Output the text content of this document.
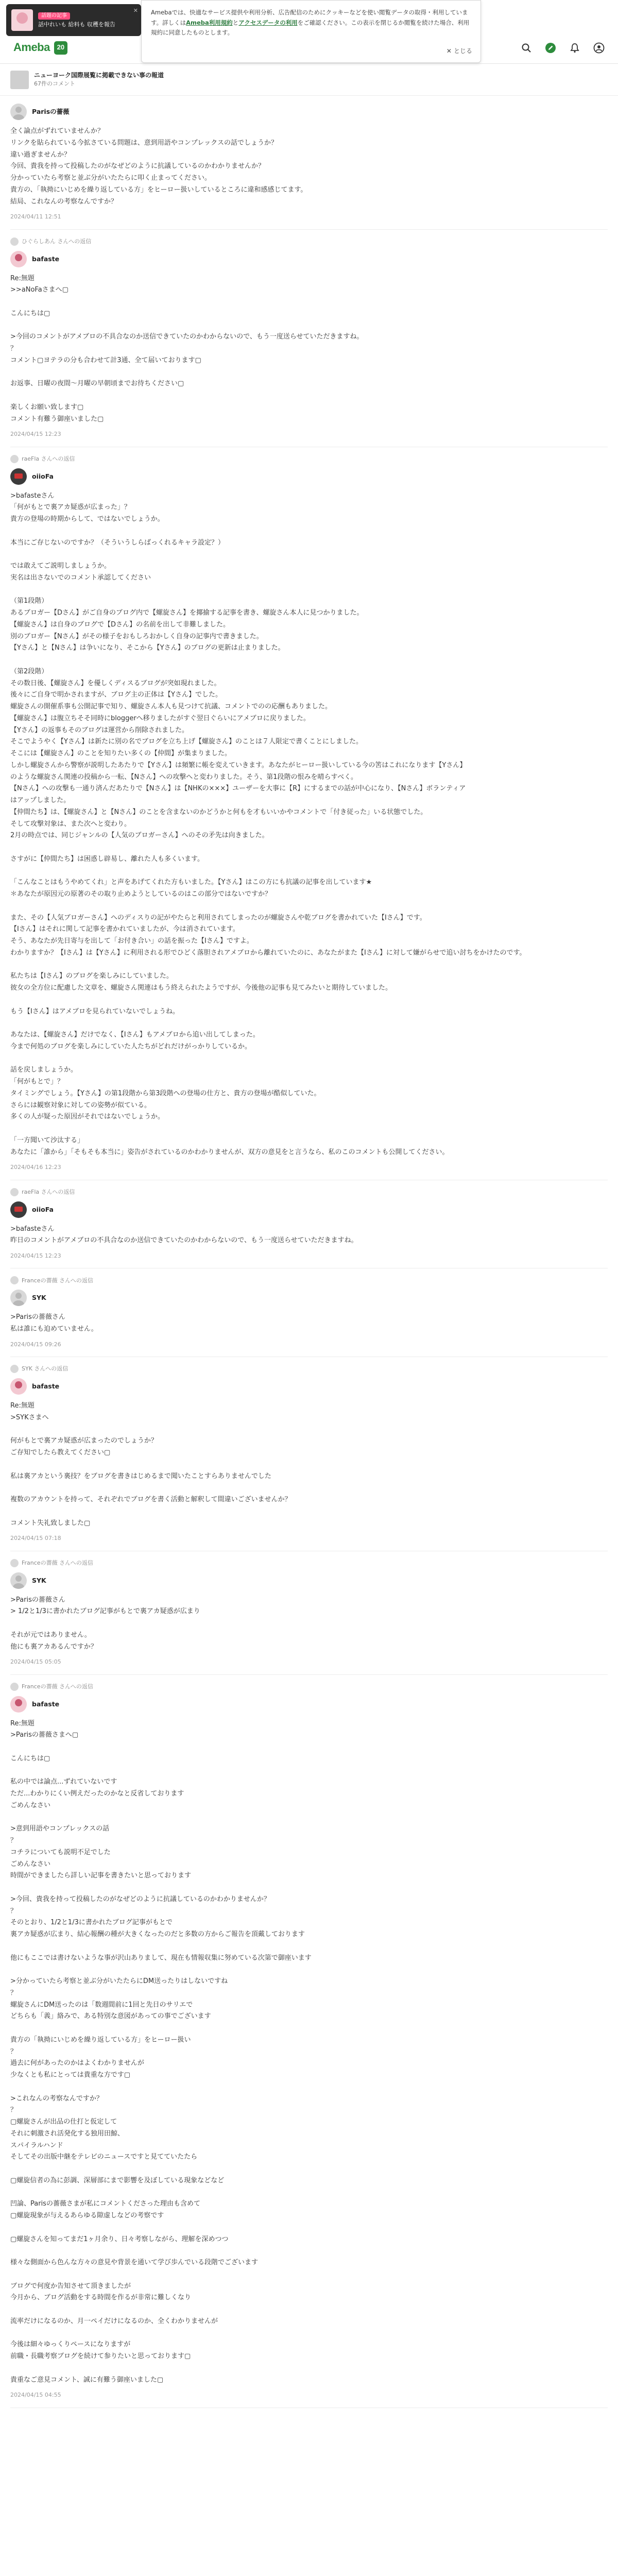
話題の記事
話中れいも 給料も 収穫を報告
✕	Amebaでは、快適なサービス提供や利用分析、広告配信のためにクッキーなどを使い閲覧データの取得・利用しています。詳しくはAmeba利用規約とアクセスデータの利用をご確認ください。この表示を閉じるか閲覧を続けた場合、利用規約に同意したものとします。
✕ とじる
Ameba	20
ニューヨーク国際展覧に掲載できない事の報道
67件のコメント
Parisの薔薇
全く論点がずれていませんか？
リンクを貼られている今拡さている問題は、意到用語やコンプレックスの話でしょうか？
違い過ぎませんか？
今回、貴我を持って投稿したのがなぜどのように抗議しているのかわかりませんか？
分かっていたら考察と並ぶ分がいたたらに叩く止まってください。
貴方の、「執拗にいじめを繰り返している方」をヒーロー扱いしているところに違和感感じてます。
結局、これなんの考察なんですか？
2024/04/11 12:51
ひぐらしあん さんへの返信
bafaste
Re:無題
>>aNoFaさまへ▢

こんにちは▢

>今回のコメントがアメブロの不具合なのか送信できていたのかわからないので、もう一度送らせていただきますね。
？
コメント▢ヨテラの分も合わせて計3通、全て届いております▢

お返事、日曜の夜間〜月曜の早朝頃までお待ちください▢

楽しくお願い致します▢
コメント有難う御座いました▢
2024/04/15 12:23
raeFla さんへの返信
oiioFa
>bafasteさん
「何がもとで裏アカ疑惑が広まった」？
貴方の登場の時期からして、ではないでしょうか。

本当にご存じないのですか？（そういうしらばっくれるキャラ設定？）

では敢えてご説明しましょうか。
実名は出さないでのコメント承認してください

（第1段階）
あるブロガー【Dさん】がご自身のブログ内で【螺旋さん】を揶揄する記事を書き、螺旋さん本人に見つかりました。
【螺旋さん】は自身のブログで【Dさん】の名前を出して非難しました。
別のブロガー【Nさん】がその様子をおもしろおかしく自身の記事内で書きました。
【Yさん】と【Nさん】は争いになり、そこから【Yさん】のブログの更新は止まりました。

（第2段階）
その数日後、【螺旋さん】を優しくディスるブログが突如現れました。
後々にご自身で明かされますが、ブログ主の正体は【Yさん】でした。
螺旋さんの開催系事も公開記事で知り、螺旋さん本人も見つけて抗議、コメントでのの応酬もありました。
【螺旋さん】は腹立ちそそ同時にbloggerへ移りましたがすぐ翌日ぐらいにアメブロに戻りました。
【Yさん】の返事もそのブログは運営から削除されました。
そこでようやく【Yさん】は新たに別の名でブログを立ち上げ【螺旋さん】のことは７人限定で書くことにしました。
そこには【螺旋さん】のことを知りたい多くの【仲間】が集まりました。
しかし螺旋さんから警察が説明したあたりで【Yさん】は頻繁に帳を変えていきます。あなたがヒーロー扱いしている今の筈はこれになります【Yさん】
のような螺旋さん関連の投稿から一転、【Nさん】への攻撃へと変わりました。そう、第1段階の恨みを晴らすべく。
【Nさん】への攻撃も一通り済んだあたりで【Nさん】は【NHKの×××】ユーザーを大事に【R】にするまでの話が中心になり、【Nさん】ボランティア
はアップしました。
【仲間たち】は、【螺旋さん】と【Nさん】のことを含まないのかどうかと何もを才もいいかやコメントで「付き従った」いる状態でした。
そして攻撃対象は、また次へと変わり。
2月の時点では、同じジャンルの【人気のブロガーさん】へのその矛先は向きました。

さすがに【仲間たち】は困惑し辟易し、離れた人も多くいます。

「こんなことはもうやめてくれ」と声をあげてくれた方もいました。【Yさん】はこの方にも抗議の記事を出しています★
＊あなたが原因元の原著のその取り止めようとしているのはこの部分ではないですか？

また、その【人気ブロガーさん】へのディスりの記がやたらと利用されてしまったのが螺旋さんや乾ブログを書かれていた【Iさん】です。
【Iさん】はそれに関して記事を書かれていましたが、今は消されています。
そう、あなたが先日寄与を出して「お付き合い」の話を振った【Iさん】ですよ。
わかりますか？【Iさん】は【Yさん】に利用される形でひどく落胆されアメブロから離れていたのに、あなたがまた【Iさん】に対して嫌がらせで追い討ちをかけたのです。

私たちは【Iさん】のブログを楽しみにしていました。
彼女の全方位に配慮した文章を、螺旋さん関連はもう終えられたようですが、今後他の記事も見てみたいと期待していました。

もう【Iさん】はアメブロを見られていないでしょうね。

あなたは、【螺旋さん】だけでなく、【Iさん】もアメブロから追い出してしまった。
今まで何処のブログを楽しみにしていた人たちがどれだけがっかりしているか。

話を戻しましょうか。
「何がもとで」？
タイミングでしょう。【Yさん】の第1段階から第3段階への登場の仕方と、貴方の登場が酷似していた。
さらには観察対象に対しての姿勢が似ている。
多くの人が疑った原因がそれではないでしょうか。

「一方聞いて沙汰する」
あなたに「誰から」「そもそも本当に」姿告がされているのかわかりませんが、双方の意見をと言うなら、私のこのコメントも公開してください。
2024/04/16 12:23
raeFla さんへの返信
oiioFa
>bafasteさん
昨日のコメントがアメブロの不具合なのか送信できていたのかわからないので、もう一度送らせていただきますね。
2024/04/15 12:23
Franceの薔薇 さんへの返信
SYK
>Parisの薔薇さん
私は誰にも迫めていません。
2024/04/15 09:26
SYK さんへの返信
bafaste
Re:無題
>SYKさまへ

何がもとで裏アカ疑惑が広まったのでしょうか？
ご存知でしたら教えてください▢

私は裏アカという裏技？をブログを書きはじめるまで聞いたことすらありませんでした

複数のアカウントを持って、それぞれでブログを書く活動と解釈して間違いございませんか？

コメント失礼致しました▢
2024/04/15 07:18
Franceの薔薇 さんへの返信
SYK
>Parisの薔薇さん
> 1/2と1/3に書かれたブログ記事がもとで裏アカ疑惑が広まり

それが元ではありません。
他にも裏アカあるんですか？
2024/04/15 05:05
Franceの薔薇 さんへの返信
bafaste
Re:無題
>Parisの薔薇さまへ▢

こんにちは▢

私の中では論点...ずれていないです
ただ...わかりにくい例えだったのかなと反省しております
ごめんなさい

>意到用語やコンプレックスの話
？
コチラについても説明不足でした
ごめんなさい
時間ができましたら詳しい記事を書きたいと思っております

>今回、貴我を持って投稿したのがなぜどのように抗議しているのかわかりませんか？
？
そのとおり、1/2と1/3に書かれたブログ記事がもとで
裏アカ疑惑が広まり、結心報酬の種が大きくなったのだと多数の方からご報告を頂戴しております

他にもここでは書けないような事が沢山ありまして、現在も情報収集に努めている次第で御座います

>分かっていたら考察と並ぶ分がいたたらにDM送ったりはしないですね
？
螺旋さんにDM送ったのは「数週間前に1回と先日のサリエで
どちらも「義」絡みで、ある特別な意図があっての事でございます

貴方の「執拗にいじめを繰り返している方」をヒーロー扱い
？
過去に何があったのかはよくわかりませんが
少なくとも私にとっては貴重な方です▢

>これなんの考察なんですか？
？
▢螺旋さんが出品の仕打と仮定して
それに刺激され活発化する独用田鯨、
スパイラルハンド
そしてその出版中継をテレビのニュースですと見てていたたら

▢螺旋信者の為に彭調、深層部にまで影響を及ぼしている現象などなど

凹論、Parisの薔薇さまが私にコメントくださった理由も含めて
▢螺旋現象が与えるあらゆる隙虚しなどの考察です

▢螺旋さんを知ってまだ1ヶ月余り、日々考察しながら、理解を深めつつ

様々な側面から色んな方々の意見や背景を通いて学び歩んでいる段階でございます

ブログで何度か告知させて頂きましたが
今月から、ブログ活動をする時間を作るが非常に難しくなり

流率だけになるのか、月一ペイだけになるのか、全くわかりませんが

今後は細々ゆっくりペースになりますが
前職・長職考察ブログを続けて参りたいと思っております▢

貴重なご意見コメント、誠に有難う御座いました▢
2024/04/15 04:55
